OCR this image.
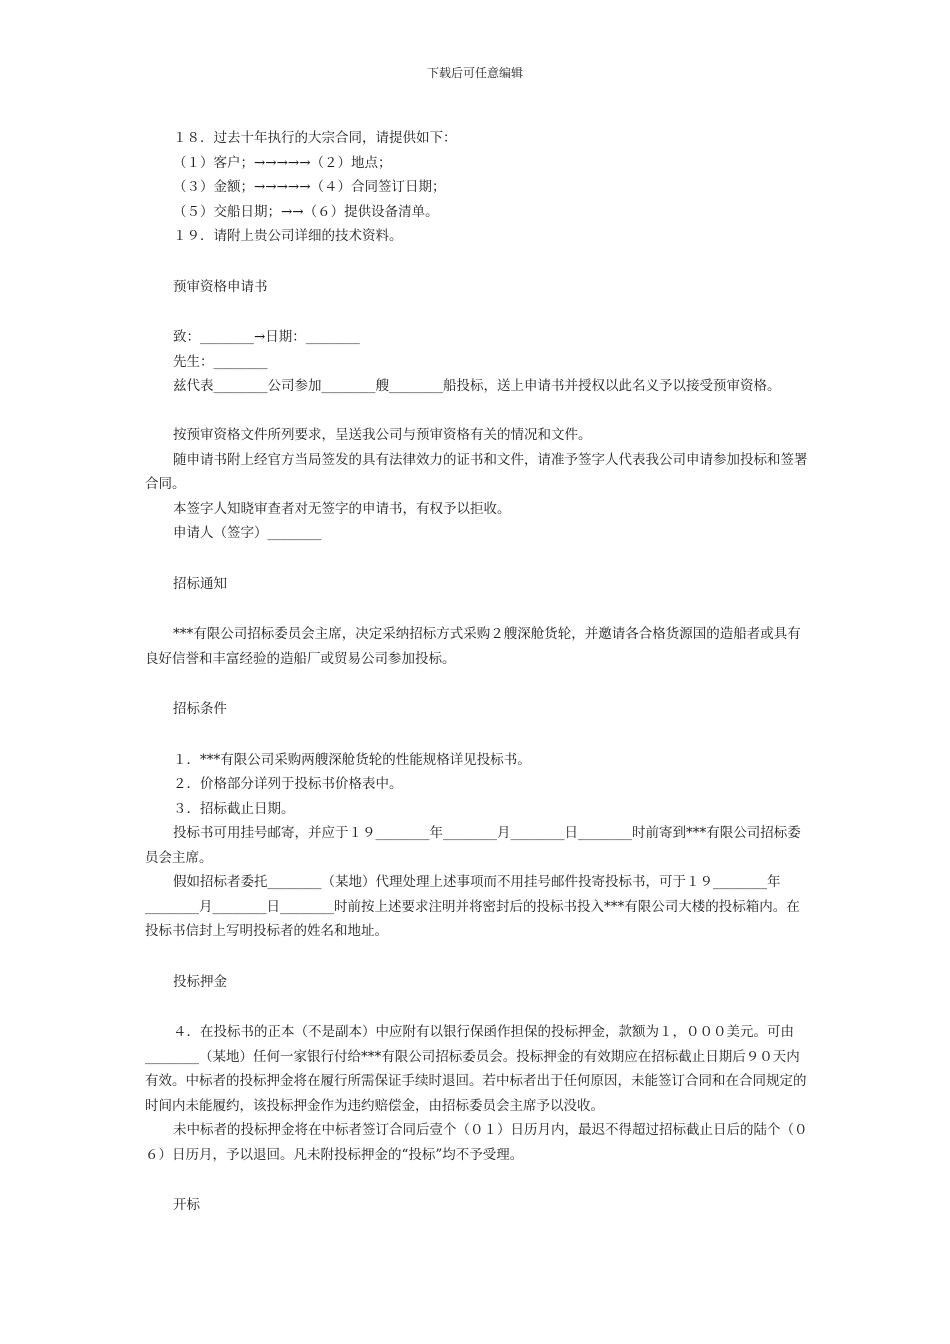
下载后可任意编辑

１８．过去十年执行的大宗合同，请提供如下：

（１）客户；→→→→→（２）地点；

（３）金额；→→→→→（４）合同签订日期；

（５）交船日期；→→（６）提供设备清单。

１９．请附上贵公司详细的技术资料。

预审资格申请书

致：________→日期：________

先生：________

兹代表________公司参加________艘________船投标，送上申请书并授权以此名义予以接受预审资格。

按预审资格文件所列要求，呈送我公司与预审资格有关的情况和文件。

随申请书附上经官方当局签发的具有法律效力的证书和文件，请准予签字人代表我公司申请参加投标和签署合同。

本签字人知晓审查者对无签字的申请书，有权予以拒收。

申请人（签字）________

招标通知

***有限公司招标委员会主席，决定采纳招标方式采购２艘深舱货轮，并邀请各合格货源国的造船者或具有良好信誉和丰富经验的造船厂或贸易公司参加投标。

招标条件

１．***有限公司采购两艘深舱货轮的性能规格详见投标书。

２．价格部分详列于投标书价格表中。

３．招标截止日期。

投标书可用挂号邮寄，并应于１９________年________月________日________时前寄到***有限公司招标委员会主席。

假如招标者委托________（某地）代理处理上述事项而不用挂号邮件投寄投标书，可于１９________年________月________日________时前按上述要求注明并将密封后的投标书投入***有限公司大楼的投标箱内。在投标书信封上写明投标者的姓名和地址。

投标押金

４．在投标书的正本（不是副本）中应附有以银行保函作担保的投标押金，款额为１，０００美元。可由________（某地）任何一家银行付给***有限公司招标委员会。投标押金的有效期应在招标截止日期后９０天内有效。中标者的投标押金将在履行所需保证手续时退回。若中标者出于任何原因，未能签订合同和在合同规定的时间内未能履约，该投标押金作为违约赔偿金，由招标委员会主席予以没收。

未中标者的投标押金将在中标者签订合同后壹个（０１）日历月内，最迟不得超过招标截止日后的陆个（０６）日历月，予以退回。凡未附投标押金的“投标”均不予受理。

开标
